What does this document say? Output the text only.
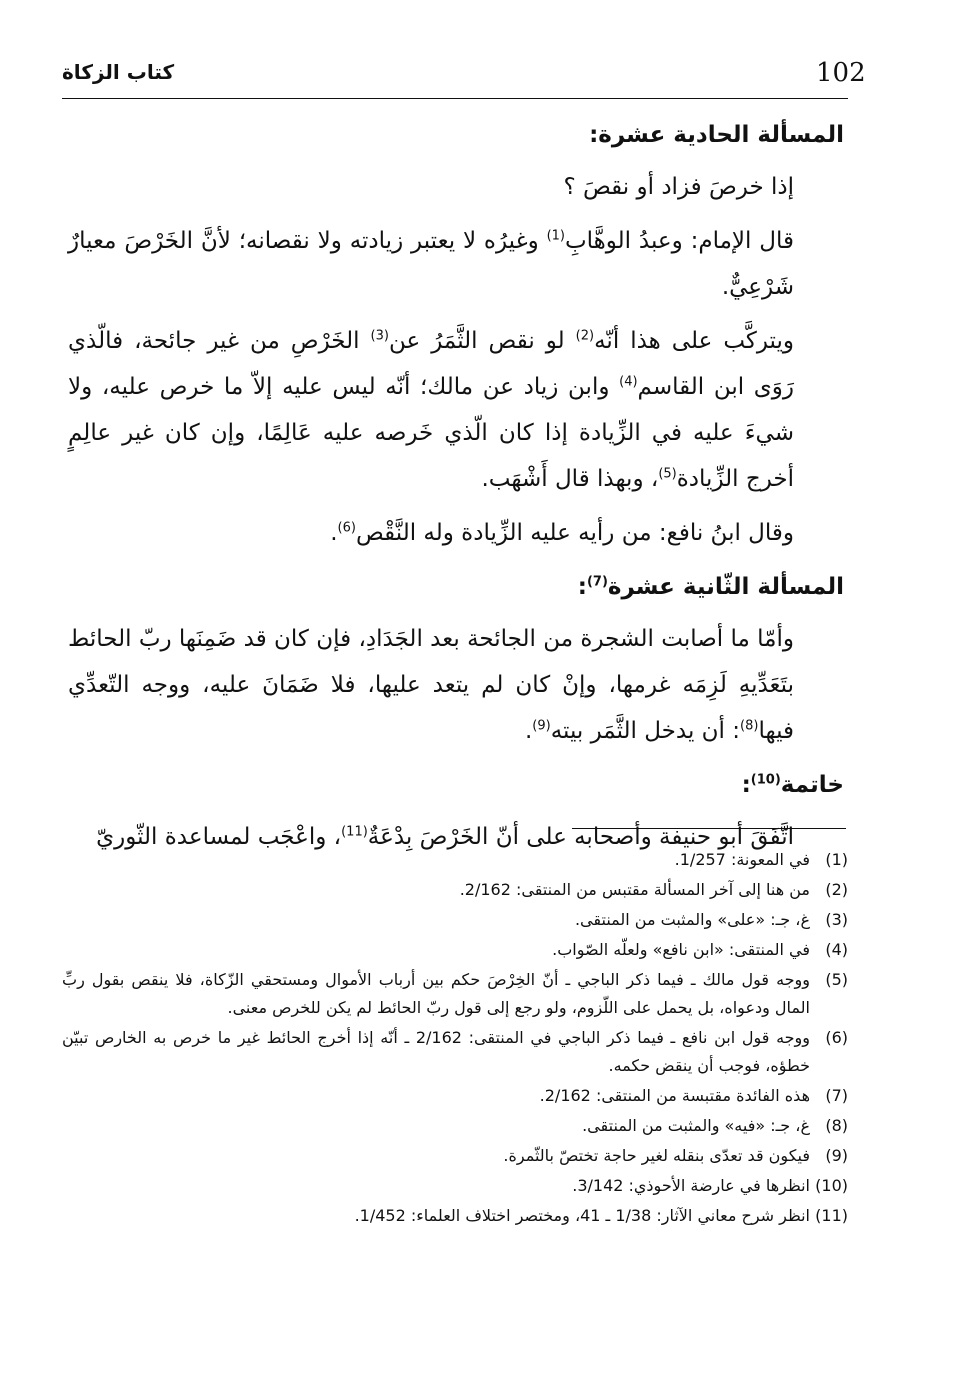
102
كتاب الزكاة

المسألة الحادية عشرة:

إذا خرصَ فزاد أو نقصَ ؟

قال الإمام: وعبدُ الوهَّابِ$^{(1)}$ وغيرُه لا يعتبر زيادته ولا نقصانه؛ لأنَّ الخَرْصَ معيارٌ شَرْعِيٌّ.

ويتركَّب على هذا أنّه$^{(2)}$ لو نقص الثَّمَرُ عن$^{(3)}$ الخَرْصِ من غير جائحة، فالّذي رَوَى ابن القاسم$^{(4)}$ وابن زياد عن مالك؛ أنّه ليس عليه إلاّ ما خرص عليه، ولا شيءَ عليه في الزِّيادة إذا كان الّذي خَرصه عليه عَالِمًا، وإن كان غير عالِمٍ أخرج الزِّيادة$^{(5)}$، وبهذا قال أَشْهَب.

وقال ابنُ نافع: من رأيه عليه الزِّيادة وله النَّقْص$^{(6)}$.

المسألة الثّانية عشرة$^{(7)}$:

وأمّا ما أصابت الشجرة من الجائحة بعد الجَدَادِ، فإن كان قد ضَمِنَها ربّ الحائط بتَعَدِّيهِ لَزِمَه غرمها، وإنْ كان لم يتعد عليها، فلا ضَمَانَ عليه، ووجه التّعدِّي فيها$^{(8)}$: أن يدخل الثَّمَر بيته$^{(9)}$.

خاتمة$^{(10)}$:

اتَّفَقَ أبو حنيفة وأصحابه على أنّ الخَرْصَ بِدْعَةٌ$^{(11)}$، واعْجَب لمساعدة الثّوريّ

(1)
في المعونة: 1/257.
(2)
من هنا إلى آخر المسألة مقتبس من المنتقى: 2/162.
(3)
غ، جـ: «على» والمثبت من المنتقى.
(4)
في المنتقى: «ابن نافع» ولعلّه الصّواب.
(5)
ووجه قول مالك ـ فيما ذكر الباجي ـ أنّ الخِرْصَ حكم بين أرباب الأموال ومستحقي الزّكاة، فلا ينقص بقول ربِّ المال ودعواه، بل يحمل على اللّزوم، ولو رجع إلى قول ربّ الحائط لم يكن للخرص معنى.
(6)
ووجه قول ابن نافع ـ فيما ذكر الباجي في المنتقى: 2/162 ـ أنّه إذا أخرج الحائط غير ما خرص به الخارص تبيّن خطؤه، فوجب أن ينقض حكمه.
(7)
هذه الفائدة مقتبسة من المنتقى: 2/162.
(8)
غ، جـ: «فيه» والمثبت من المنتقى.
(9)
فيكون قد تعدّى بنقله لغير حاجة تختصّ بالثّمرة.
(10)
انظرها في عارضة الأحوذي: 3/142.
(11)
انظر شرح معاني الآثار: 1/38 ـ 41، ومختصر اختلاف العلماء: 1/452.
